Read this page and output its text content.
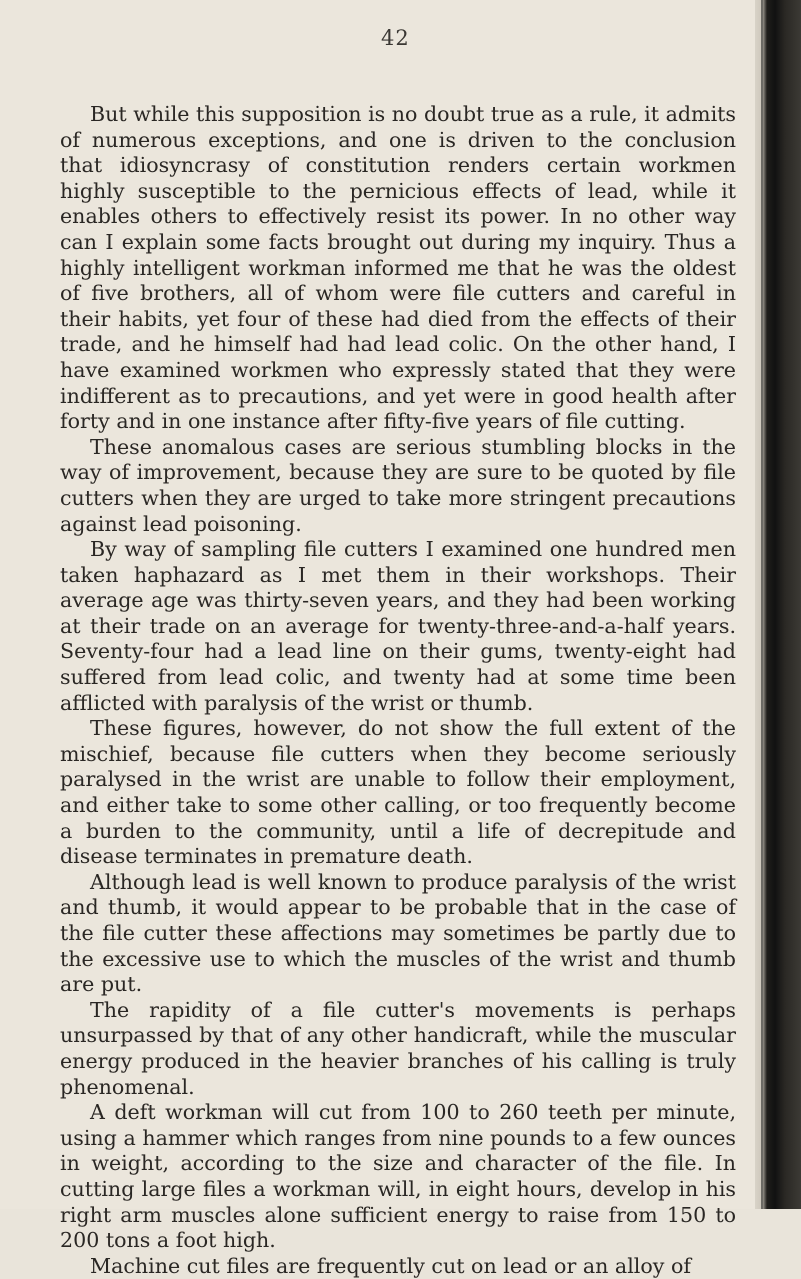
42

But while this supposition is no doubt true as a rule, it admits of numerous exceptions, and one is driven to the conclusion that idiosyncrasy of constitution renders certain workmen highly susceptible to the pernicious effects of lead, while it enables others to effectively resist its power. In no other way can I explain some facts brought out during my inquiry. Thus a highly intelligent workman informed me that he was the oldest of five brothers, all of whom were file cutters and careful in their habits, yet four of these had died from the effects of their trade, and he himself had had lead colic. On the other hand, I have examined workmen who expressly stated that they were indifferent as to precautions, and yet were in good health after forty and in one instance after fifty-five years of file cutting.

These anomalous cases are serious stumbling blocks in the way of improvement, because they are sure to be quoted by file cutters when they are urged to take more stringent precautions against lead poisoning.

By way of sampling file cutters I examined one hundred men taken haphazard as I met them in their workshops. Their average age was thirty-seven years, and they had been working at their trade on an average for twenty-three-and-a-half years. Seventy-four had a lead line on their gums, twenty-eight had suffered from lead colic, and twenty had at some time been afflicted with paralysis of the wrist or thumb.

These figures, however, do not show the full extent of the mischief, because file cutters when they become seriously paralysed in the wrist are unable to follow their employment, and either take to some other calling, or too frequently become a burden to the community, until a life of decrepitude and disease terminates in premature death.

Although lead is well known to produce paralysis of the wrist and thumb, it would appear to be probable that in the case of the file cutter these affections may sometimes be partly due to the excessive use to which the muscles of the wrist and thumb are put.

The rapidity of a file cutter's movements is perhaps unsurpassed by that of any other handicraft, while the muscular energy produced in the heavier branches of his calling is truly phenomenal.

A deft workman will cut from 100 to 260 teeth per minute, using a hammer which ranges from nine pounds to a few ounces in weight, according to the size and character of the file. In cutting large files a workman will, in eight hours, develop in his right arm muscles alone sufficient energy to raise from 150 to 200 tons a foot high.

Machine cut files are frequently cut on lead or an alloy of
